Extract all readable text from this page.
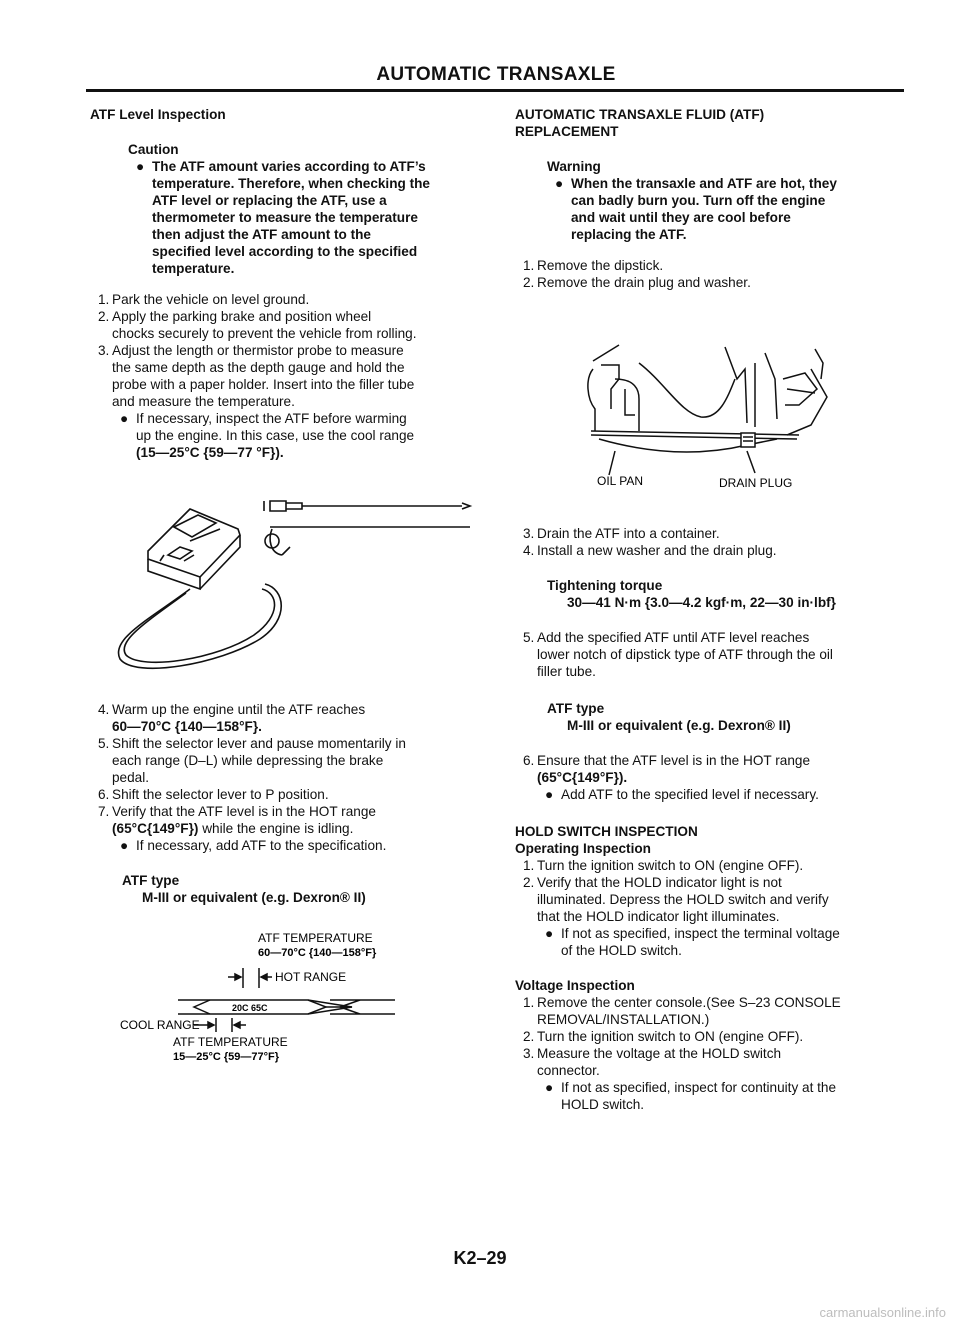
AUTOMATIC TRANSAXLE

ATF Level Inspection

Caution

● The ATF amount varies according to ATF’s

temperature. Therefore, when checking the

ATF level or replacing the ATF, use a

thermometer to measure the temperature

then adjust the ATF amount to the

specified level according to the specified

temperature.

1. Park the vehicle on level ground.

2. Apply the parking brake and position wheel

chocks securely to prevent the vehicle from rolling.

3. Adjust the length or thermistor probe to measure

the same depth as the depth gauge and hold the

probe with a paper holder. Insert into the filler tube

and measure the temperature.

● If necessary, inspect the ATF before warming

up the engine. In this case, use the cool range

(15—25°C {59—77 °F}).

4. Warm up the engine until the ATF reaches

60—70°C {140—158°F}.

5. Shift the selector lever and pause momentarily in

each range (D–L) while depressing the brake

pedal.

6. Shift the selector lever to P position.

7. Verify that the ATF level is in the HOT range

(65°C{149°F}) while the engine is idling.

● If necessary, add ATF to the specification.

ATF type

M-III or equivalent (e.g. Dexron® II)

ATF TEMPERATURE
60—70°C {140—158°F}
20C 65C
HOT RANGE
COOL RANGE
ATF TEMPERATURE
15—25°C {59—77°F}

AUTOMATIC TRANSAXLE FLUID (ATF)

REPLACEMENT

Warning

● When the transaxle and ATF are hot, they

can badly burn you. Turn off the engine

and wait until they are cool before

replacing the ATF.

1. Remove the dipstick.

2. Remove the drain plug and washer.

OIL PAN	DRAIN PLUG
3. Drain the ATF into a container.

4. Install a new washer and the drain plug.

Tightening torque

30—41 N·m {3.0—4.2 kgf·m, 22—30 in·lbf}

5. Add the specified ATF until ATF level reaches

lower notch of dipstick type of ATF through the oil

filler tube.

ATF type

M-III or equivalent (e.g. Dexron® II)

6. Ensure that the ATF level is in the HOT range

(65°C{149°F}).

● Add ATF to the specified level if necessary.

HOLD SWITCH INSPECTION

Operating Inspection

1. Turn the ignition switch to ON (engine OFF).

2. Verify that the HOLD indicator light is not

illuminated. Depress the HOLD switch and verify

that the HOLD indicator light illuminates.

● If not as specified, inspect the terminal voltage

of the HOLD switch.

Voltage Inspection

1. Remove the center console.(See S–23 CONSOLE

REMOVAL/INSTALLATION.)

2. Turn the ignition switch to ON (engine OFF).

3. Measure the voltage at the HOLD switch

connector.

● If not as specified, inspect for continuity at the

HOLD switch.

K2–29
carmanualsonline.info
